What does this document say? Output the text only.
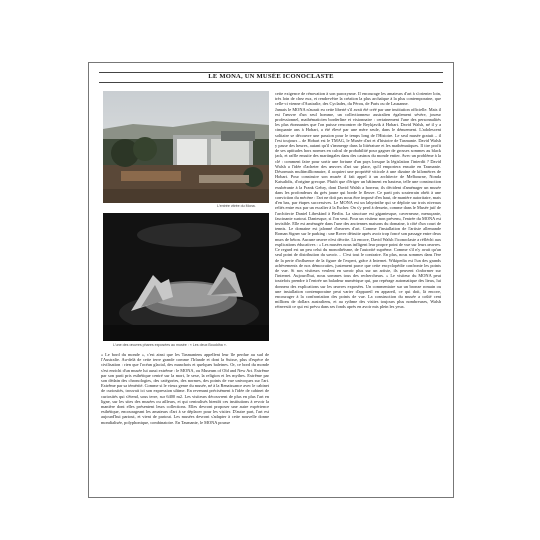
LE MONA, UN MUSÉE ICONOCLASTE
L'entrée vitrée du Mona.
L'une des œuvres phares exposées au musée : « Les deux Bouddha ».

« Le bord du monde », c'est ainsi que les Tasmaniens appellent leur île perdue au sud de l'Australie. Au-delà de cette terre grande comme l'Irlande et dont la Suisse, plus d'espèce de civilisation : rien que l'océan glacial, des manchots et quelques baleines. Or, ce bord du monde s'est enrichi d'un musée lui aussi extrême : le MONA, ou Museum of Old and New Art. Extrême par son parti pris esthétique centré sur la mort, le sexe, la religion et les mythes. Extrême par son dédain des chronologies, des catégories, des normes, des points de vue univoques sur l'art. Extrême par sa témérité. Comme si le vieux genre du musée, né à la Renaissance avec le cabinet de curiosités, trouvait ici son expression ultime. En revenant précisément à l'idée de cabinet de curiosités qui s'étend, sous terre, sur 6400 m2. Les visiteurs découvrent de plus en plus l'art en ligne, sur les sites des musées ou ailleurs, et qui centralisés bientôt ces institutions à revoir la manière dont elles présentent leurs collections. Elles devront proposer une autre expérience esthétique, encourageant les amateurs d'art à se déplacer pour les visiter. D'autre part, l'art est aujourd'hui partout, et vient de partout. Les musées devront s'adapter à cette nouvelle donne mondialisée, polyphonique, combinatoire. En Tasmanie, le MONA pousse

cette exigence de rénovation à son paroxysme. Il encourage les amateurs d'art à s'orienter loin, très loin de chez eux, et rendrevêtre la création la plus archaïque à la plus contemporaine, que celle-ci vienne d'Australie, des Cyclades, du Pérou, de Paris ou de Lausanne.

Jamais le MONA n'aurait eu cette liberté s'il avait été créé par une institution officielle. Mais il est l'œuvre d'un seul homme, un collectionneur australien également sévère, joueur professionnel, mathématicien borderline et visionnaire : certainement l'une des personnalités les plus étonnantes que l'on puisse rencontrer de Reykjavik à Hobart. David Walsh, né il y a cinquante ans à Hobart, a été élevé par une mère seule, dans le dénuement. L'adolescent solitaire se découvre une passion pour le temps long de l'Histoire. Le seul musée gratuit – il l'est toujours – de Hobart est le TMAG, le Musée d'art et d'histoire de Tasmanie. David Walsh y passe des heures, autant qu'il s'immerge dans la littérature et les mathématiques. Il tire profit de ses aptitudes hors normes en calcul de probabilité pour gagner de grosses sommes au black jack, et raffle ensuite des martingales dans des casinos du monde entier. Avec un problème à la clé : comment faire pour sortir une fortune d'un pays lorsque la législation l'interdit ? David Walsh a l'idée d'acheter des œuvres d'art sur place, qu'il emportera ensuite en Tasmanie. Désormais multimillionnaire, il acquiert une propriété viticole à une dizaine de kilomètres de Hobart. Pour construire son musée il fait appel à un architecte de Melbourne, Nonda Katsalidis, d'origine grecque. Plutôt que d'ériger un bâtiment en hauteur, telle une construction exubérante à la Frank Gehry, dont David Walsh a horreur, ils décident d'aménager un musée dans les profondeurs du grès jaune qui borde le fleuve. Ce parti pris souterrain obéit à une conviction du mécène : l'art ne doit pas nous être imposé d'en haut, de manière autoritaire, mais d'en bas, par étapes successives. Le MONA est un labyrinthe qui se déploie sur trois niveaux reliés entre eux par un escalier à la Escher. On s'y perd à dessein, comme dans le Musée juif de l'architecte Daniel Libeskind à Berlin. La structure est gigantesque, caverneuse, menaçante, fascinante surtout. Dantesque, si l'on veut. Pour un visiteur non prévenu, l'entrée du MONA est invisible. Elle est aménagée dans l'une des anciennes maisons du domaine, à côté d'un court de tennis. Le domaine est jalonné d'œuvres d'art. Comme l'installation de l'artiste allemande Roman Signer sur le parking : une Rover détruite après avoir trop foncé son passage entre deux murs de béton. Aucune œuvre n'est décrite. Là encore, David Walsh l'iconoclaste a réfléchi aux explications éducatives : « Les musées nous infligent leur propre point de vue sur leurs œuvres. Ce regard est un peu celui du monothéisme, de l'autorité suprême. Comme s'il n'y avait qu'un seul point de distribution du savoir… C'est tout le contraire. En plus, nous sommes dans l'ère de la perte d'influence de la figure de l'expert, grâce à Internet. Wikipedia est l'un des grands achèvements de nos démocraties, justement parce que cette encyclopédie confronte les points de vue. Si nos visiteurs veulent en savoir plus sur un artiste, ils peuvent s'informer sur l'internet. Aujourd'hui, nous sommes tous des rechercheurs. » Le visiteur du MONA peut toutefois prendre à l'entrée un baladeur numérique qui, par repérage automatique des lieux, lui donnera des explications sur les œuvres exposées. Un commentaire sur un bronze romain ou une installation contemporaine peut varier d'appareil en appareil, ce qui doit, là encore, encourager à la confrontation des points de vue. La construction du musée a coûté cent millions de dollars australiens, et au rythme des visites toujours plus nombreuses, Walsh réinvestit ce qui est prévu dans ses fonds après en avoir mis plein les yeux.
